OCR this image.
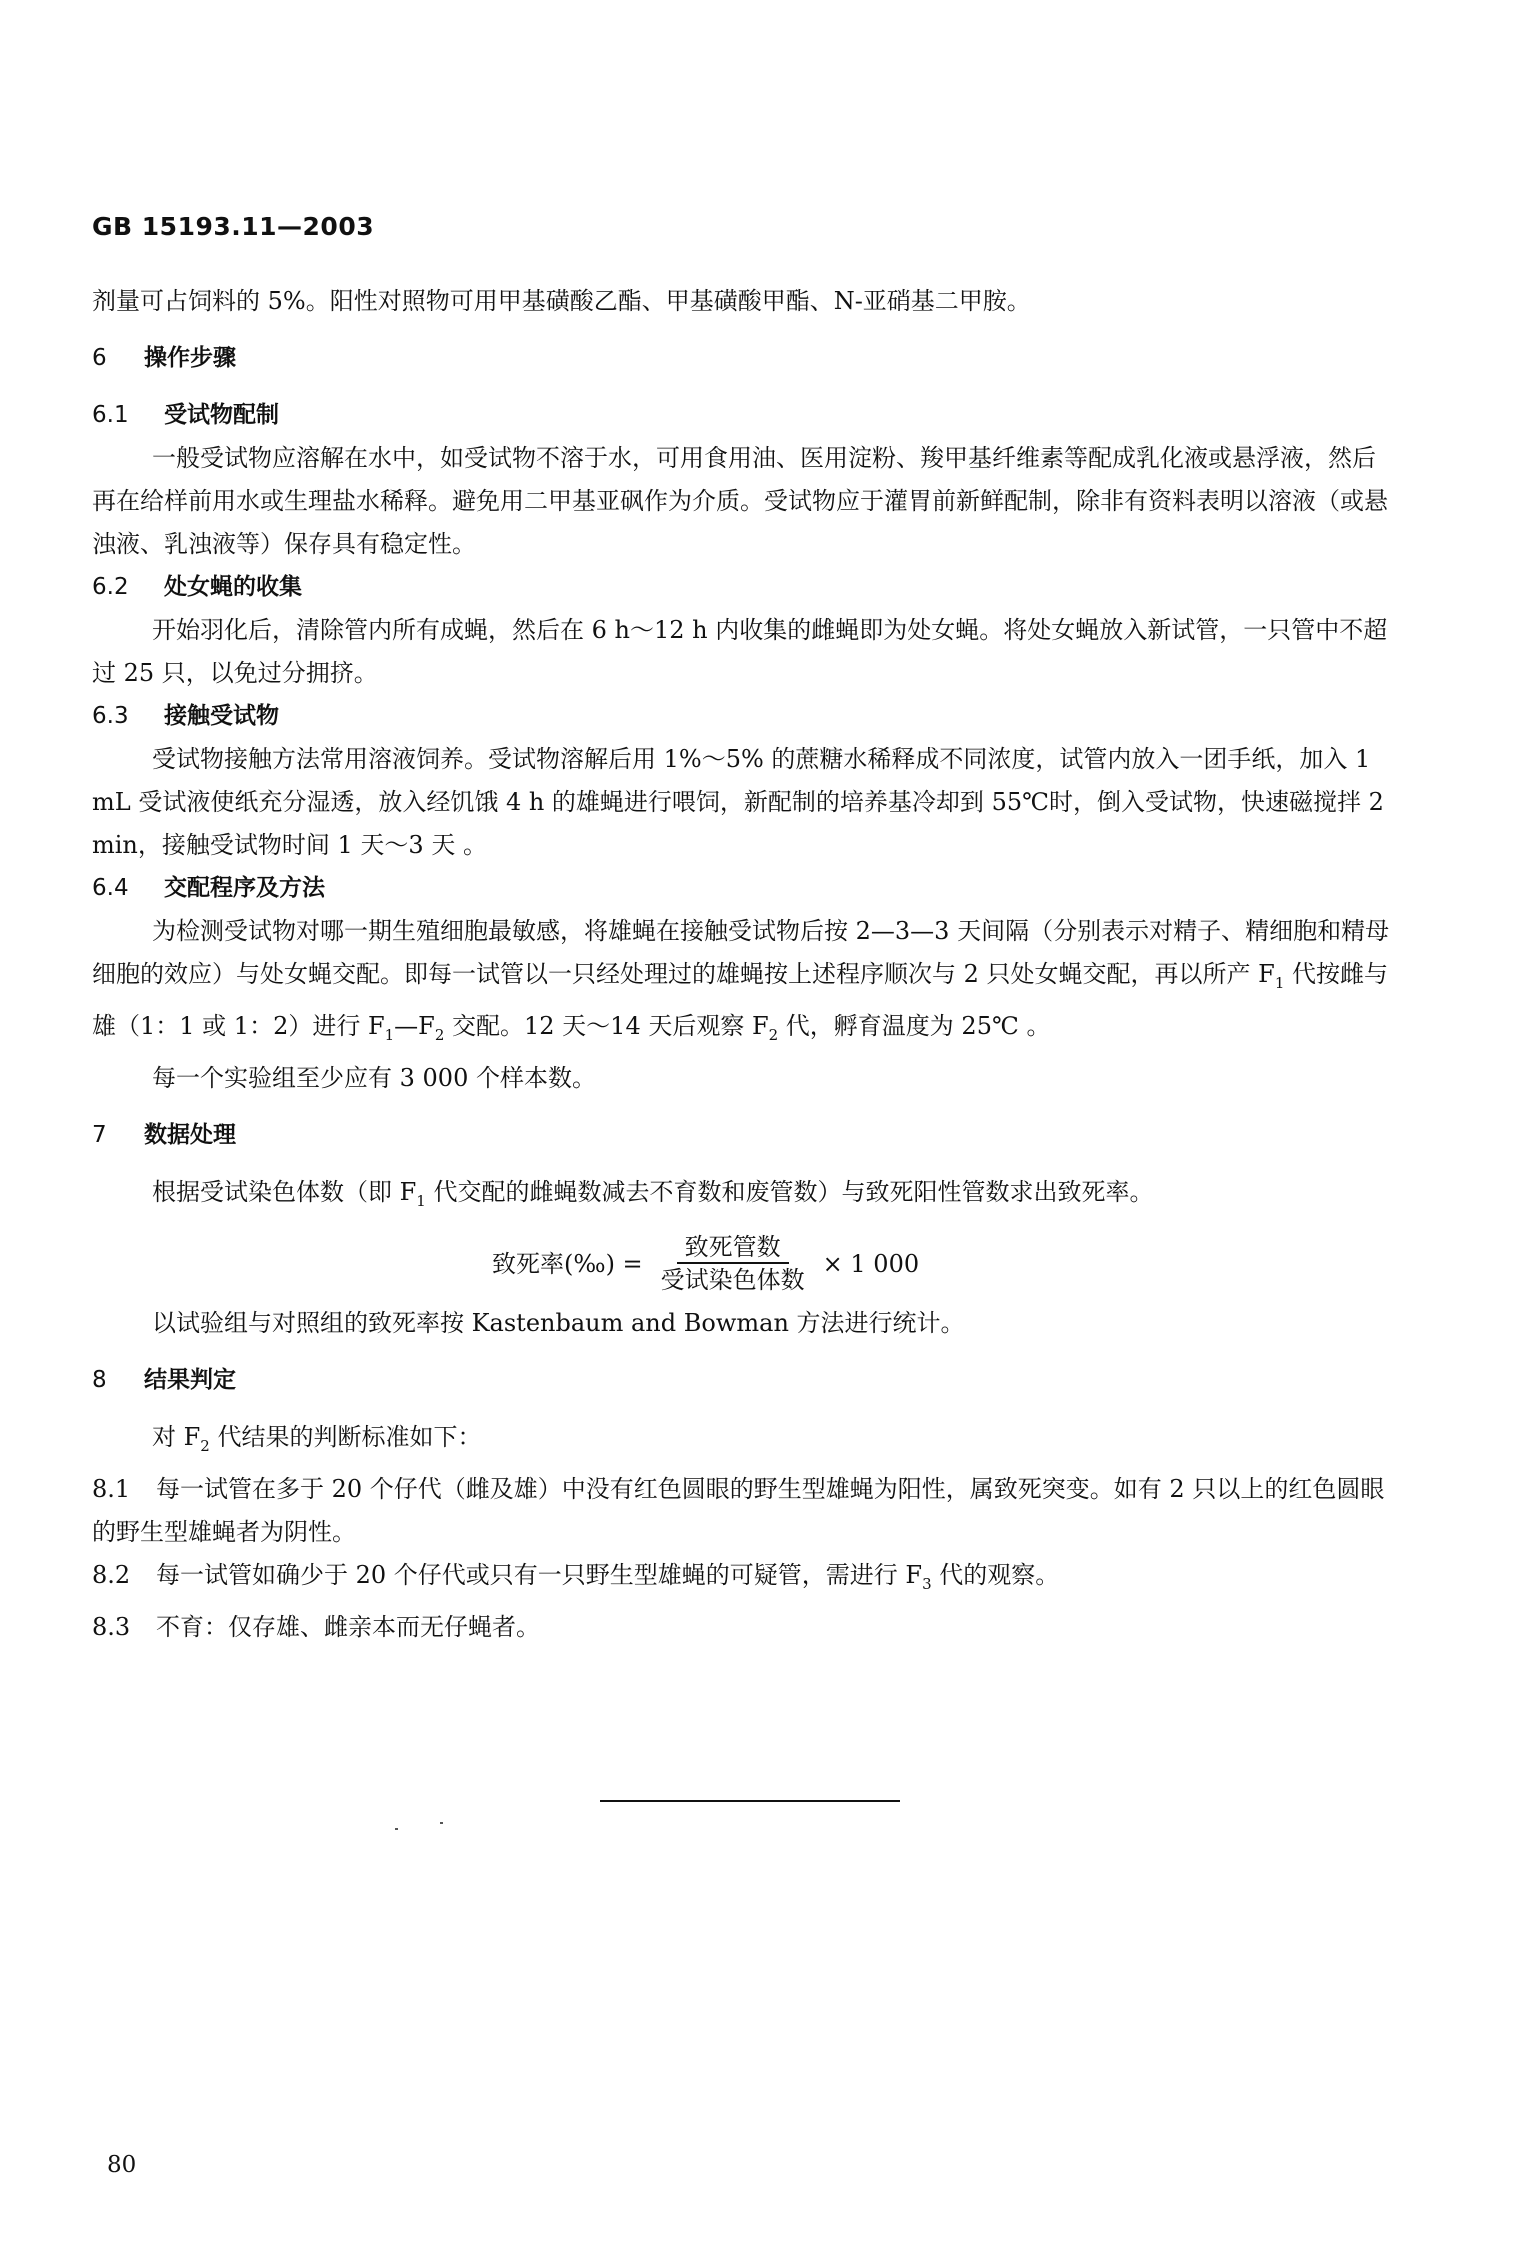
GB 15193.11—2003

剂量可占饲料的 5%。阳性对照物可用甲基磺酸乙酯、甲基磺酸甲酯、N-亚硝基二甲胺。

6 操作步骤

6.1 受试物配制

一般受试物应溶解在水中，如受试物不溶于水，可用食用油、医用淀粉、羧甲基纤维素等配成乳化液或悬浮液，然后再在给样前用水或生理盐水稀释。避免用二甲基亚砜作为介质。受试物应于灌胃前新鲜配制，除非有资料表明以溶液（或悬浊液、乳浊液等）保存具有稳定性。

6.2 处女蝇的收集

开始羽化后，清除管内所有成蝇，然后在 6 h～12 h 内收集的雌蝇即为处女蝇。将处女蝇放入新试管，一只管中不超过 25 只，以免过分拥挤。

6.3 接触受试物

受试物接触方法常用溶液饲养。受试物溶解后用 1%～5% 的蔗糖水稀释成不同浓度，试管内放入一团手纸，加入 1 mL 受试液使纸充分湿透，放入经饥饿 4 h 的雄蝇进行喂饲，新配制的培养基冷却到 55℃时，倒入受试物，快速磁搅拌 2 min，接触受试物时间 1 天～3 天 。

6.4 交配程序及方法

为检测受试物对哪一期生殖细胞最敏感，将雄蝇在接触受试物后按 2—3—3 天间隔（分别表示对精子、精细胞和精母细胞的效应）与处女蝇交配。即每一试管以一只经处理过的雄蝇按上述程序顺次与 2 只处女蝇交配，再以所产 $F_1$ 代按雌与雄（1：1 或 1：2）进行 $F_1—F_2$ 交配。12 天～14 天后观察 $F_2$ 代，孵育温度为 25℃ 。

每一个实验组至少应有 3 000 个样本数。

7 数据处理

根据受试染色体数（即 $F_1$ 代交配的雌蝇数减去不育数和废管数）与致死阳性管数求出致死率。

致死率(‰) = $\frac{\text{致死管数}}{\text{受试染色体数}} \times 1$ 000

以试验组与对照组的致死率按 Kastenbaum and Bowman 方法进行统计。

8 结果判定

对 $F_2$ 代结果的判断标准如下：

8.1 每一试管在多于 20 个仔代（雌及雄）中没有红色圆眼的野生型雄蝇为阳性，属致死突变。如有 2 只以上的红色圆眼的野生型雄蝇者为阴性。

8.2 每一试管如确少于 20 个仔代或只有一只野生型雄蝇的可疑管，需进行 $F_3$ 代的观察。

8.3 不育：仅存雄、雌亲本而无仔蝇者。

80
